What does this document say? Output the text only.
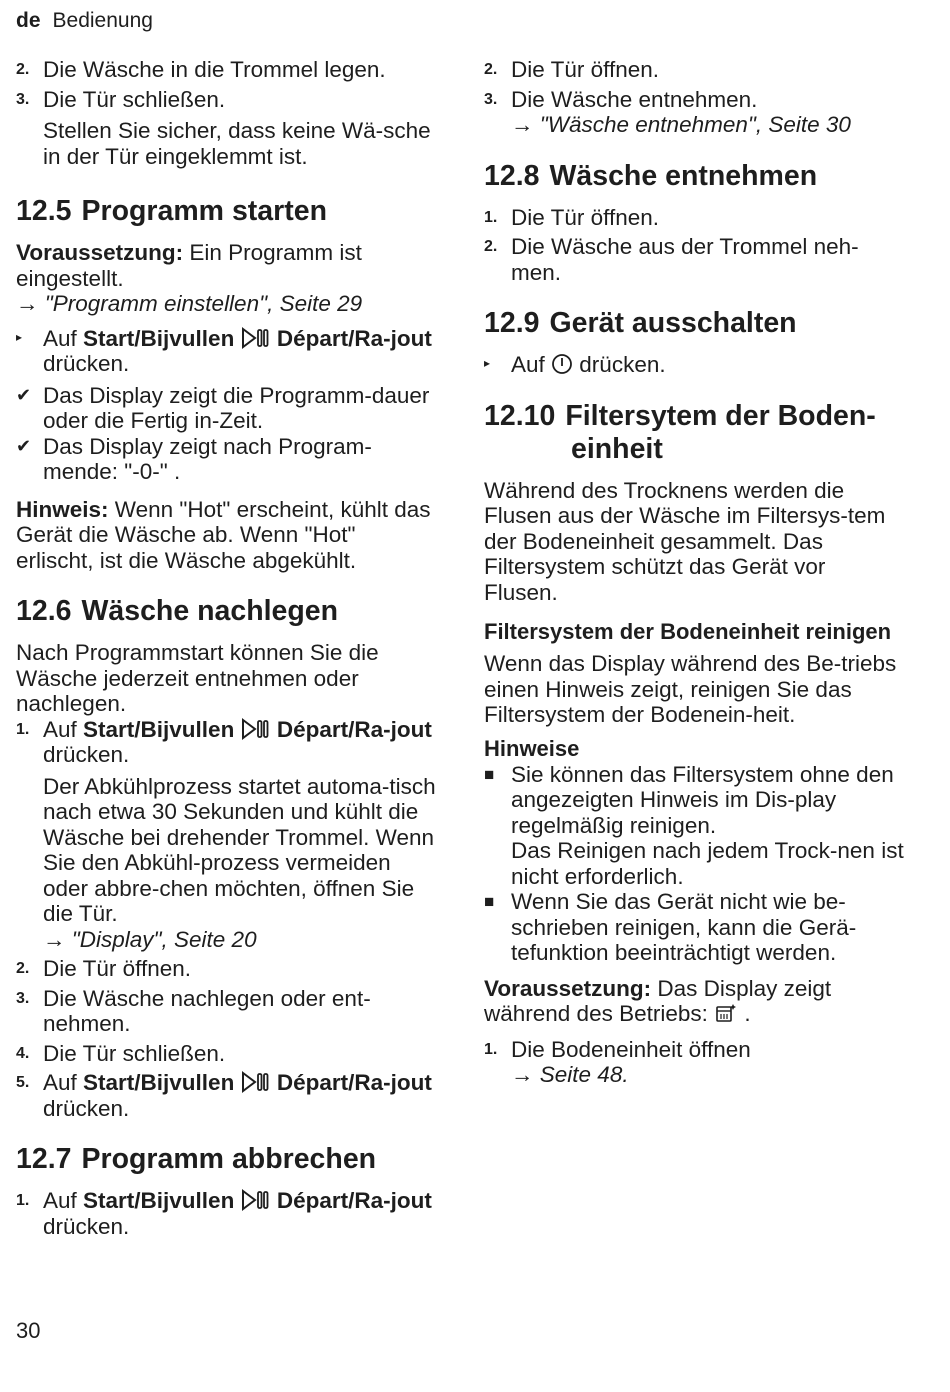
de Bedienung
2. Die Wäsche in die Trommel legen.
3. Die Tür schließen.

Stellen Sie sicher, dass keine Wä-sche in der Tür eingeklemmt ist.

12.5 Programm starten

Voraussetzung: Ein Programm ist eingestellt.

→ "Programm einstellen", Seite 29

▸ Auf Start/Bijvullen Départ/Ra-jout drücken.
✔ Das Display zeigt die Programm-dauer oder die Fertig in-Zeit.
✔ Das Display zeigt nach Program-mende: "-0-" .

Hinweis: Wenn "Hot" erscheint, kühlt das Gerät die Wäsche ab. Wenn "Hot" erlischt, ist die Wäsche abgekühlt.

12.6 Wäsche nachlegen

Nach Programmstart können Sie die Wäsche jederzeit entnehmen oder nachlegen.

1. Auf Start/Bijvullen Départ/Ra-jout drücken.

Der Abkühlprozess startet automa-tisch nach etwa 30 Sekunden und kühlt die Wäsche bei drehender Trommel. Wenn Sie den Abkühl-prozess vermeiden oder abbre-chen möchten, öffnen Sie die Tür.

→ "Display", Seite 20

2. Die Tür öffnen.
3. Die Wäsche nachlegen oder ent-nehmen.
4. Die Tür schließen.
5. Auf Start/Bijvullen Départ/Ra-jout drücken.
12.7 Programm abbrechen
1. Auf Start/Bijvullen Départ/Ra-jout drücken.
2. Die Tür öffnen.
3. Die Wäsche entnehmen.

→ "Wäsche entnehmen", Seite 30

12.8 Wäsche entnehmen
1. Die Tür öffnen.
2. Die Wäsche aus der Trommel neh-men.
12.9 Gerät ausschalten
▸ Auf  drücken.
12.10 Filtersytem der Boden-einheit

Während des Trocknens werden die Flusen aus der Wäsche im Filtersys-tem der Bodeneinheit gesammelt. Das Filtersystem schützt das Gerät vor Flusen.

Filtersystem der Bodeneinheit reinigen

Wenn das Display während des Be-triebs einen Hinweis zeigt, reinigen Sie das Filtersystem der Bodenein-heit.

Hinweise
■ Sie können das Filtersystem ohne den angezeigten Hinweis im Dis-play regelmäßig reinigen.

Das Reinigen nach jedem Trock-nen ist nicht erforderlich.

■ Wenn Sie das Gerät nicht wie be-schrieben reinigen, kann die Gerä-tefunktion beeinträchtigt werden.

Voraussetzung: Das Display zeigt während des Betriebs:  .

1. Die Bodeneinheit öffnen

→ Seite 48.

30
